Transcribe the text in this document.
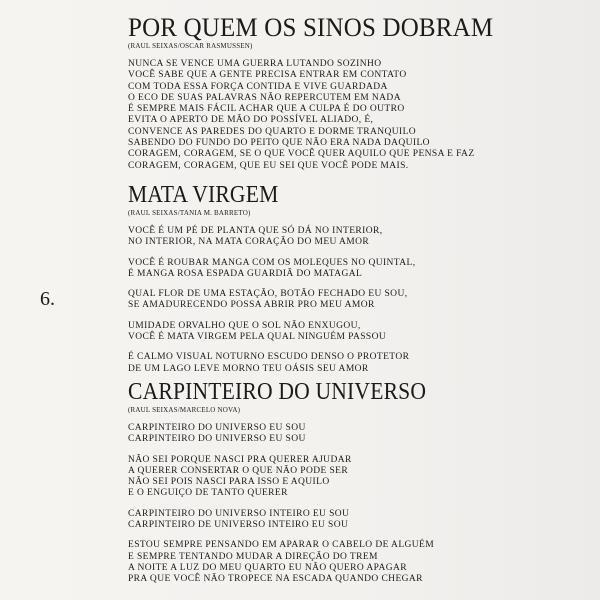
6.
POR QUEM OS SINOS DOBRAM
(RAUL SEIXAS/OSCAR RASMUSSEN)
NUNCA SE VENCE UMA GUERRA LUTANDO SOZINHO
VOCÊ SABE QUE A GENTE PRECISA ENTRAR EM CONTATO
COM TODA ESSA FORÇA CONTIDA E VIVE GUARDADA
O ECO DE SUAS PALAVRAS NÃO REPERCUTEM EM NADA
É SEMPRE MAIS FÁCIL ACHAR QUE A CULPA É DO OUTRO
EVITA O APERTO DE MÃO DO POSSÍVEL ALIADO, É,
CONVENCE AS PAREDES DO QUARTO E DORME TRANQUILO
SABENDO DO FUNDO DO PEITO QUE NÃO ERA NADA DAQUILO
CORAGEM, CORAGEM, SE O QUE VOCÊ QUER AQUILO QUE PENSA E FAZ
CORAGEM, CORAGEM, QUE EU SEI QUE VOCÊ PODE MAIS.
MATA VIRGEM
(RAUL SEIXAS/TANIA M. BARRETO)
VOCÊ É UM PÉ DE PLANTA QUE SÓ DÁ NO INTERIOR,
NO INTERIOR, NA MATA CORAÇÃO DO MEU AMOR
VOCÊ É ROUBAR MANGA COM OS MOLEQUES NO QUINTAL,
É MANGA ROSA ESPADA GUARDIÃ DO MATAGAL
QUAL FLOR DE UMA ESTAÇÃO, BOTÃO FECHADO EU SOU,
SE AMADURECENDO POSSA ABRIR PRO MEU AMOR
UMIDADE ORVALHO QUE O SOL NÃO ENXUGOU,
VOCÊ É MATA VIRGEM PELA QUAL NINGUÉM PASSOU
É CALMO VISUAL NOTURNO ESCUDO DENSO O PROTETOR
DE UM LAGO LEVE MORNO TEU OÁSIS SEU AMOR
CARPINTEIRO DO UNIVERSO
(RAUL SEIXAS/MARCELO NOVA)
CARPINTEIRO DO UNIVERSO EU SOU
CARPINTEIRO DO UNIVERSO EU SOU
NÃO SEI PORQUE NASCI PRA QUERER AJUDAR
A QUERER CONSERTAR O QUE NÃO PODE SER
NÃO SEI POIS NASCI PARA ISSO E AQUILO
E O ENGUIÇO DE TANTO QUERER
CARPINTEIRO DO UNIVERSO INTEIRO EU SOU
CARPINTEIRO DE UNIVERSO INTEIRO EU SOU
ESTOU SEMPRE PENSANDO EM APARAR O CABELO DE ALGUÉM
E SEMPRE TENTANDO MUDAR A DIREÇÃO DO TREM
A NOITE A LUZ DO MEU QUARTO EU NÃO QUERO APAGAR
PRA QUE VOCÊ NÃO TROPECE NA ESCADA QUANDO CHEGAR
